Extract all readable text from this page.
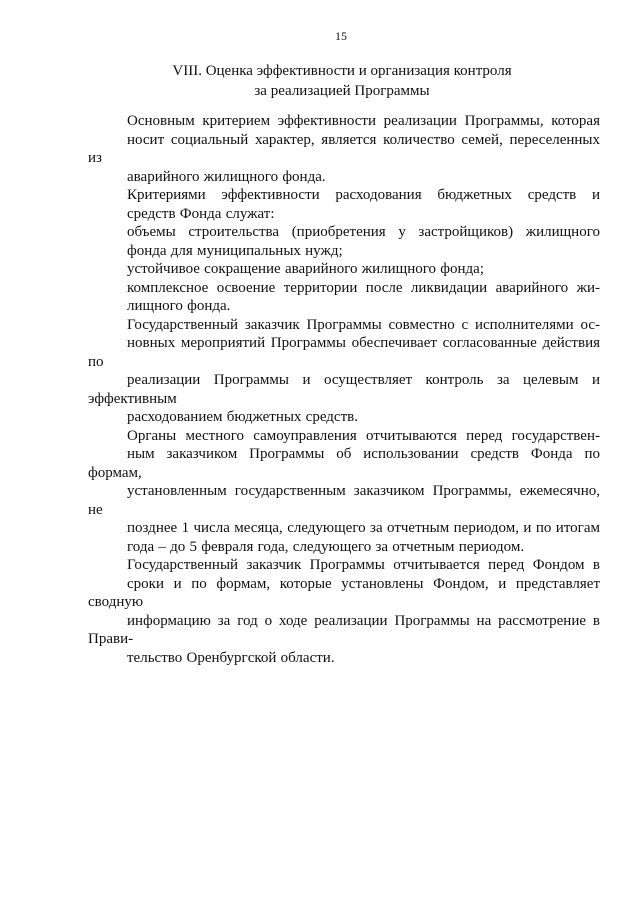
15
VIII. Оценка эффективности и организация контроля
за реализацией Программы
Основным критерием эффективности реализации Программы, которая
носит социальный характер, является количество семей, переселенных из
аварийного жилищного фонда.
Критериями эффективности расходования бюджетных средств и
средств Фонда служат:
объемы строительства (приобретения у застройщиков) жилищного
фонда для муниципальных нужд;
устойчивое сокращение аварийного жилищного фонда;
комплексное освоение территории после ликвидации аварийного жи-
лищного фонда.
Государственный заказчик Программы совместно с исполнителями ос-
новных мероприятий Программы обеспечивает согласованные действия по
реализации Программы и осуществляет контроль за целевым и эффективным
расходованием бюджетных средств.
Органы местного самоуправления отчитываются перед государствен-
ным заказчиком Программы об использовании средств Фонда по формам,
установленным государственным заказчиком Программы, ежемесячно, не
позднее 1 числа месяца, следующего за отчетным периодом, и по итогам
года – до 5 февраля года, следующего за отчетным периодом.
Государственный заказчик Программы отчитывается перед Фондом в
сроки и по формам, которые установлены Фондом, и представляет сводную
информацию за год о ходе реализации Программы на рассмотрение в Прави-
тельство Оренбургской области.
